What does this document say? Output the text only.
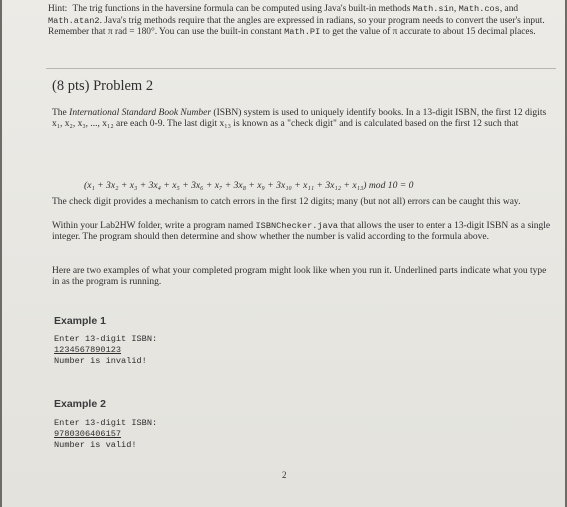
Hint: The trig functions in the haversine formula can be computed using Java's built-in methods Math.sin, Math.cos, and Math.atan2. Java's trig methods require that the angles are expressed in radians, so your program needs to convert the user's input. Remember that π rad = 180°. You can use the built-in constant Math.PI to get the value of π accurate to about 15 decimal places.
(8 pts) Problem 2
The International Standard Book Number (ISBN) system is used to uniquely identify books. In a 13-digit ISBN, the first 12 digits x₁, x₂, x₃, ..., x₁₂ are each 0-9. The last digit x₁₃ is known as a "check digit" and is calculated based on the first 12 such that
(x₁ + 3x₂ + x₃ + 3x₄ + x₅ + 3x₆ + x₇ + 3x₈ + x₉ + 3x₁₀ + x₁₁ + 3x₁₂ + x₁₃) mod 10 = 0
The check digit provides a mechanism to catch errors in the first 12 digits; many (but not all) errors can be caught this way.
Within your Lab2HW folder, write a program named ISBNChecker.java that allows the user to enter a 13-digit ISBN as a single integer. The program should then determine and show whether the number is valid according to the formula above.
Here are two examples of what your completed program might look like when you run it. Underlined parts indicate what you type in as the program is running.
Example 1
Enter 13-digit ISBN:
1234567890123
Number is invalid!
Example 2
Enter 13-digit ISBN:
9780306406157
Number is valid!
2
